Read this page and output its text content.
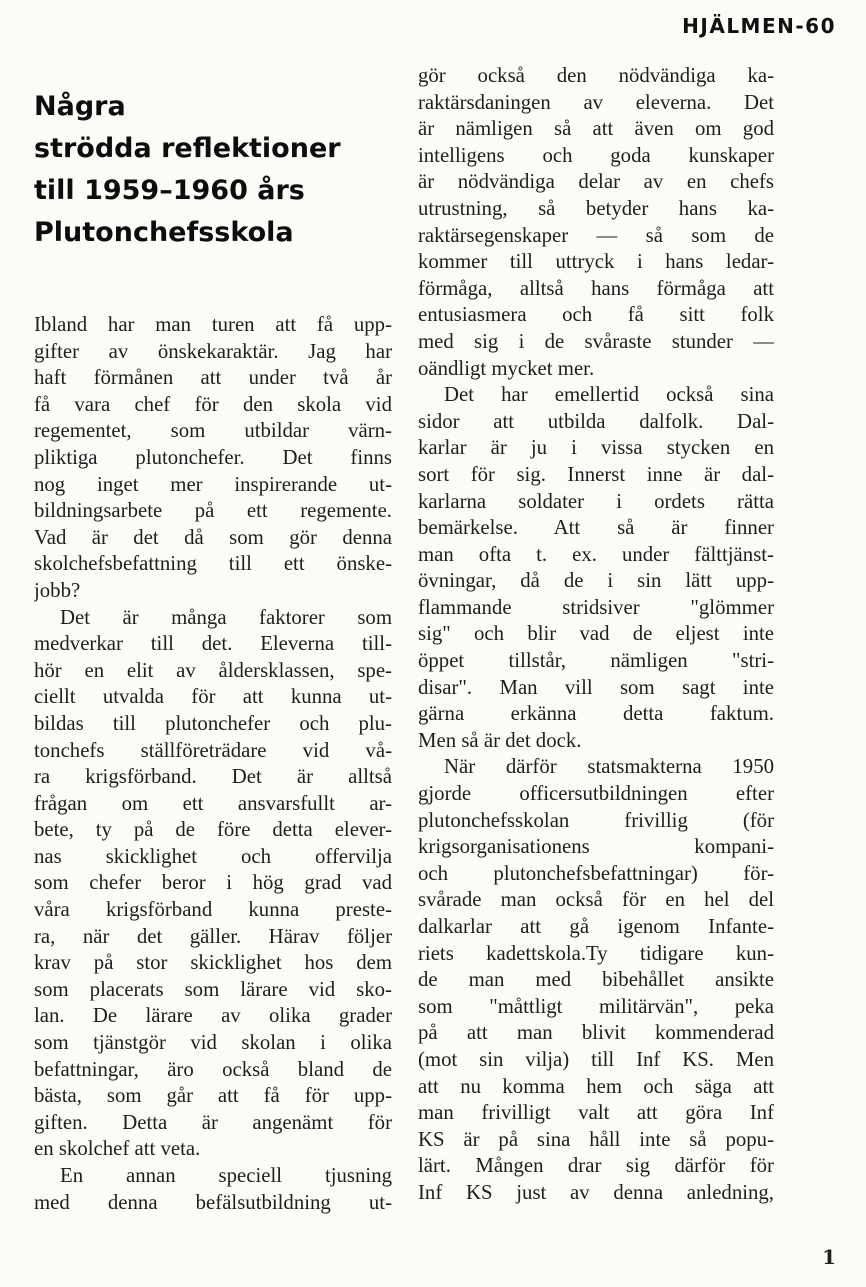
HJÄLMEN-60
Några
strödda reflektioner
till 1959–1960 års
Plutonchefsskola
Ibland har man turen att få upp-
gifter av önskekaraktär. Jag har
haft förmånen att under två år
få vara chef för den skola vid
regementet, som utbildar värn-
pliktiga plutonchefer. Det finns
nog inget mer inspirerande ut-
bildningsarbete på ett regemente.
Vad är det då som gör denna
skolchefsbefattning till ett önske-
jobb?
Det är många faktorer som
medverkar till det. Eleverna till-
hör en elit av åldersklassen, spe-
ciellt utvalda för att kunna ut-
bildas till plutonchefer och plu-
tonchefs ställföreträdare vid vå-
ra krigsförband. Det är alltså
frågan om ett ansvarsfullt ar-
bete, ty på de före detta elever-
nas skicklighet och offervilja
som chefer beror i hög grad vad
våra krigsförband kunna preste-
ra, när det gäller. Härav följer
krav på stor skicklighet hos dem
som placerats som lärare vid sko-
lan. De lärare av olika grader
som tjänstgör vid skolan i olika
befattningar, äro också bland de
bästa, som går att få för upp-
giften. Detta är angenämt för
en skolchef att veta.
En annan speciell tjusning
med denna befälsutbildning ut-
gör också den nödvändiga ka-
raktärsdaningen av eleverna. Det
är nämligen så att även om god
intelligens och goda kunskaper
är nödvändiga delar av en chefs
utrustning, så betyder hans ka-
raktärsegenskaper — så som de
kommer till uttryck i hans ledar-
förmåga, alltså hans förmåga att
entusiasmera och få sitt folk
med sig i de svåraste stunder —
oändligt mycket mer.
Det har emellertid också sina
sidor att utbilda dalfolk. Dal-
karlar är ju i vissa stycken en
sort för sig. Innerst inne är dal-
karlarna soldater i ordets rätta
bemärkelse. Att så är finner
man ofta t. ex. under fälttjänst-
övningar, då de i sin lätt upp-
flammande stridsiver "glömmer
sig" och blir vad de eljest inte
öppet tillstår, nämligen "stri-
disar". Man vill som sagt inte
gärna erkänna detta faktum.
Men så är det dock.
När därför statsmakterna 1950
gjorde officersutbildningen efter
plutonchefsskolan frivillig (för
krigsorganisationens kompani-
och plutonchefsbefattningar) för-
svårade man också för en hel del
dalkarlar att gå igenom Infante-
riets kadettskola.Ty tidigare kun-
de man med bibehållet ansikte
som "måttligt militärvän", peka
på att man blivit kommenderad
(mot sin vilja) till Inf KS. Men
att nu komma hem och säga att
man frivilligt valt att göra Inf
KS är på sina håll inte så popu-
lärt. Mången drar sig därför för
Inf KS just av denna anledning,
1
